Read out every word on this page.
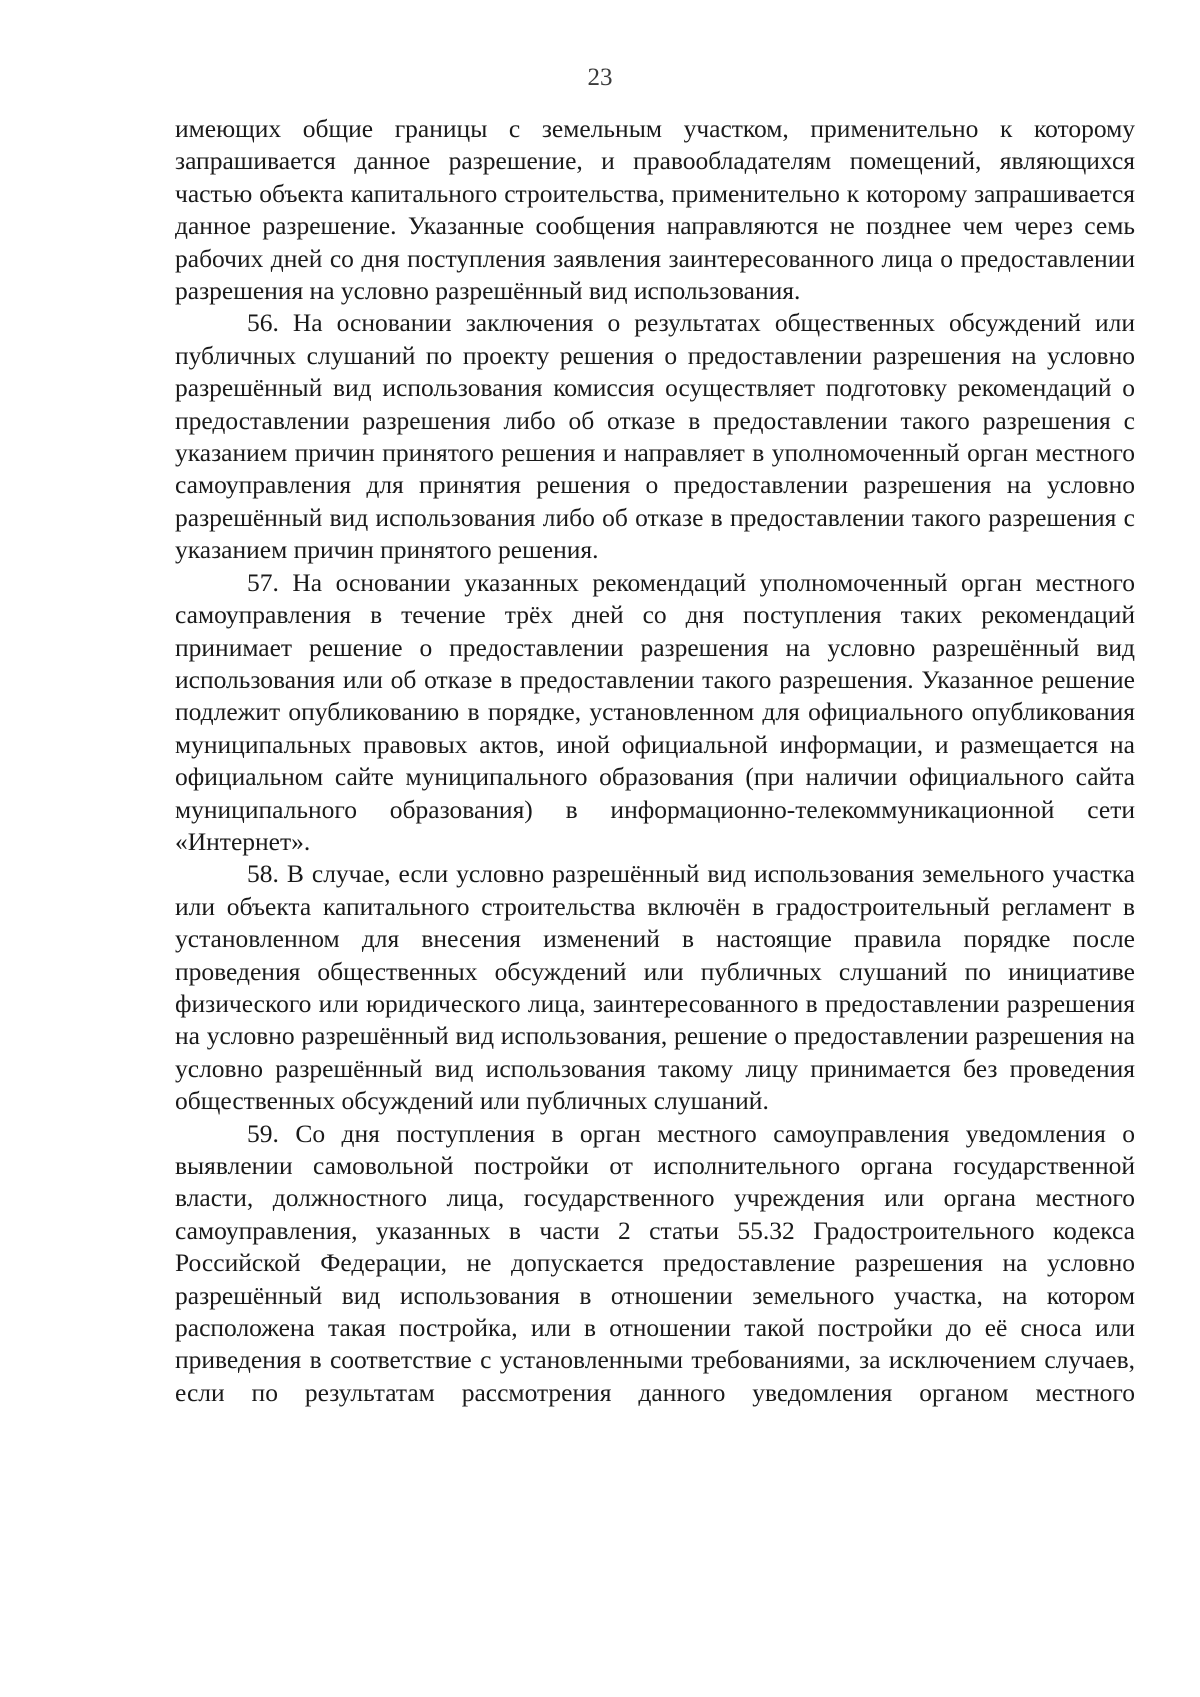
23

имеющих общие границы с земельным участком, применительно к которому запрашивается данное разрешение, и правообладателям помещений, являющихся частью объекта капитального строительства, применительно к которому запрашивается данное разрешение. Указанные сообщения направляются не позднее чем через семь рабочих дней со дня поступления заявления заинтересованного лица о предоставлении разрешения на условно разрешённый вид использования.

56. На основании заключения о результатах общественных обсуждений или публичных слушаний по проекту решения о предоставлении разрешения на условно разрешённый вид использования комиссия осуществляет подготовку рекомендаций о предоставлении разрешения либо об отказе в предоставлении такого разрешения с указанием причин принятого решения и направляет в уполномоченный орган местного самоуправления для принятия решения о предоставлении разрешения на условно разрешённый вид использования либо об отказе в предоставлении такого разрешения с указанием причин принятого решения.

57. На основании указанных рекомендаций уполномоченный орган местного самоуправления в течение трёх дней со дня поступления таких рекомендаций принимает решение о предоставлении разрешения на условно разрешённый вид использования или об отказе в предоставлении такого разрешения. Указанное решение подлежит опубликованию в порядке, установленном для официального опубликования муниципальных правовых актов, иной официальной информации, и размещается на официальном сайте муниципального образования (при наличии официального сайта муниципального образования) в информационно-телекоммуникационной сети «Интернет».

58. В случае, если условно разрешённый вид использования земельного участка или объекта капитального строительства включён в градостроительный регламент в установленном для внесения изменений в настоящие правила порядке после проведения общественных обсуждений или публичных слушаний по инициативе физического или юридического лица, заинтересованного в предоставлении разрешения на условно разрешённый вид использования, решение о предоставлении разрешения на условно разрешённый вид использования такому лицу принимается без проведения общественных обсуждений или публичных слушаний.

59. Со дня поступления в орган местного самоуправления уведомления о выявлении самовольной постройки от исполнительного органа государственной власти, должностного лица, государственного учреждения или органа местного самоуправления, указанных в части 2 статьи 55.32 Градостроительного кодекса Российской Федерации, не допускается предоставление разрешения на условно разрешённый вид использования в отношении земельного участка, на котором расположена такая постройка, или в отношении такой постройки до её сноса или приведения в соответствие с установленными требованиями, за исключением случаев, если по результатам рассмотрения данного уведомления органом местного
